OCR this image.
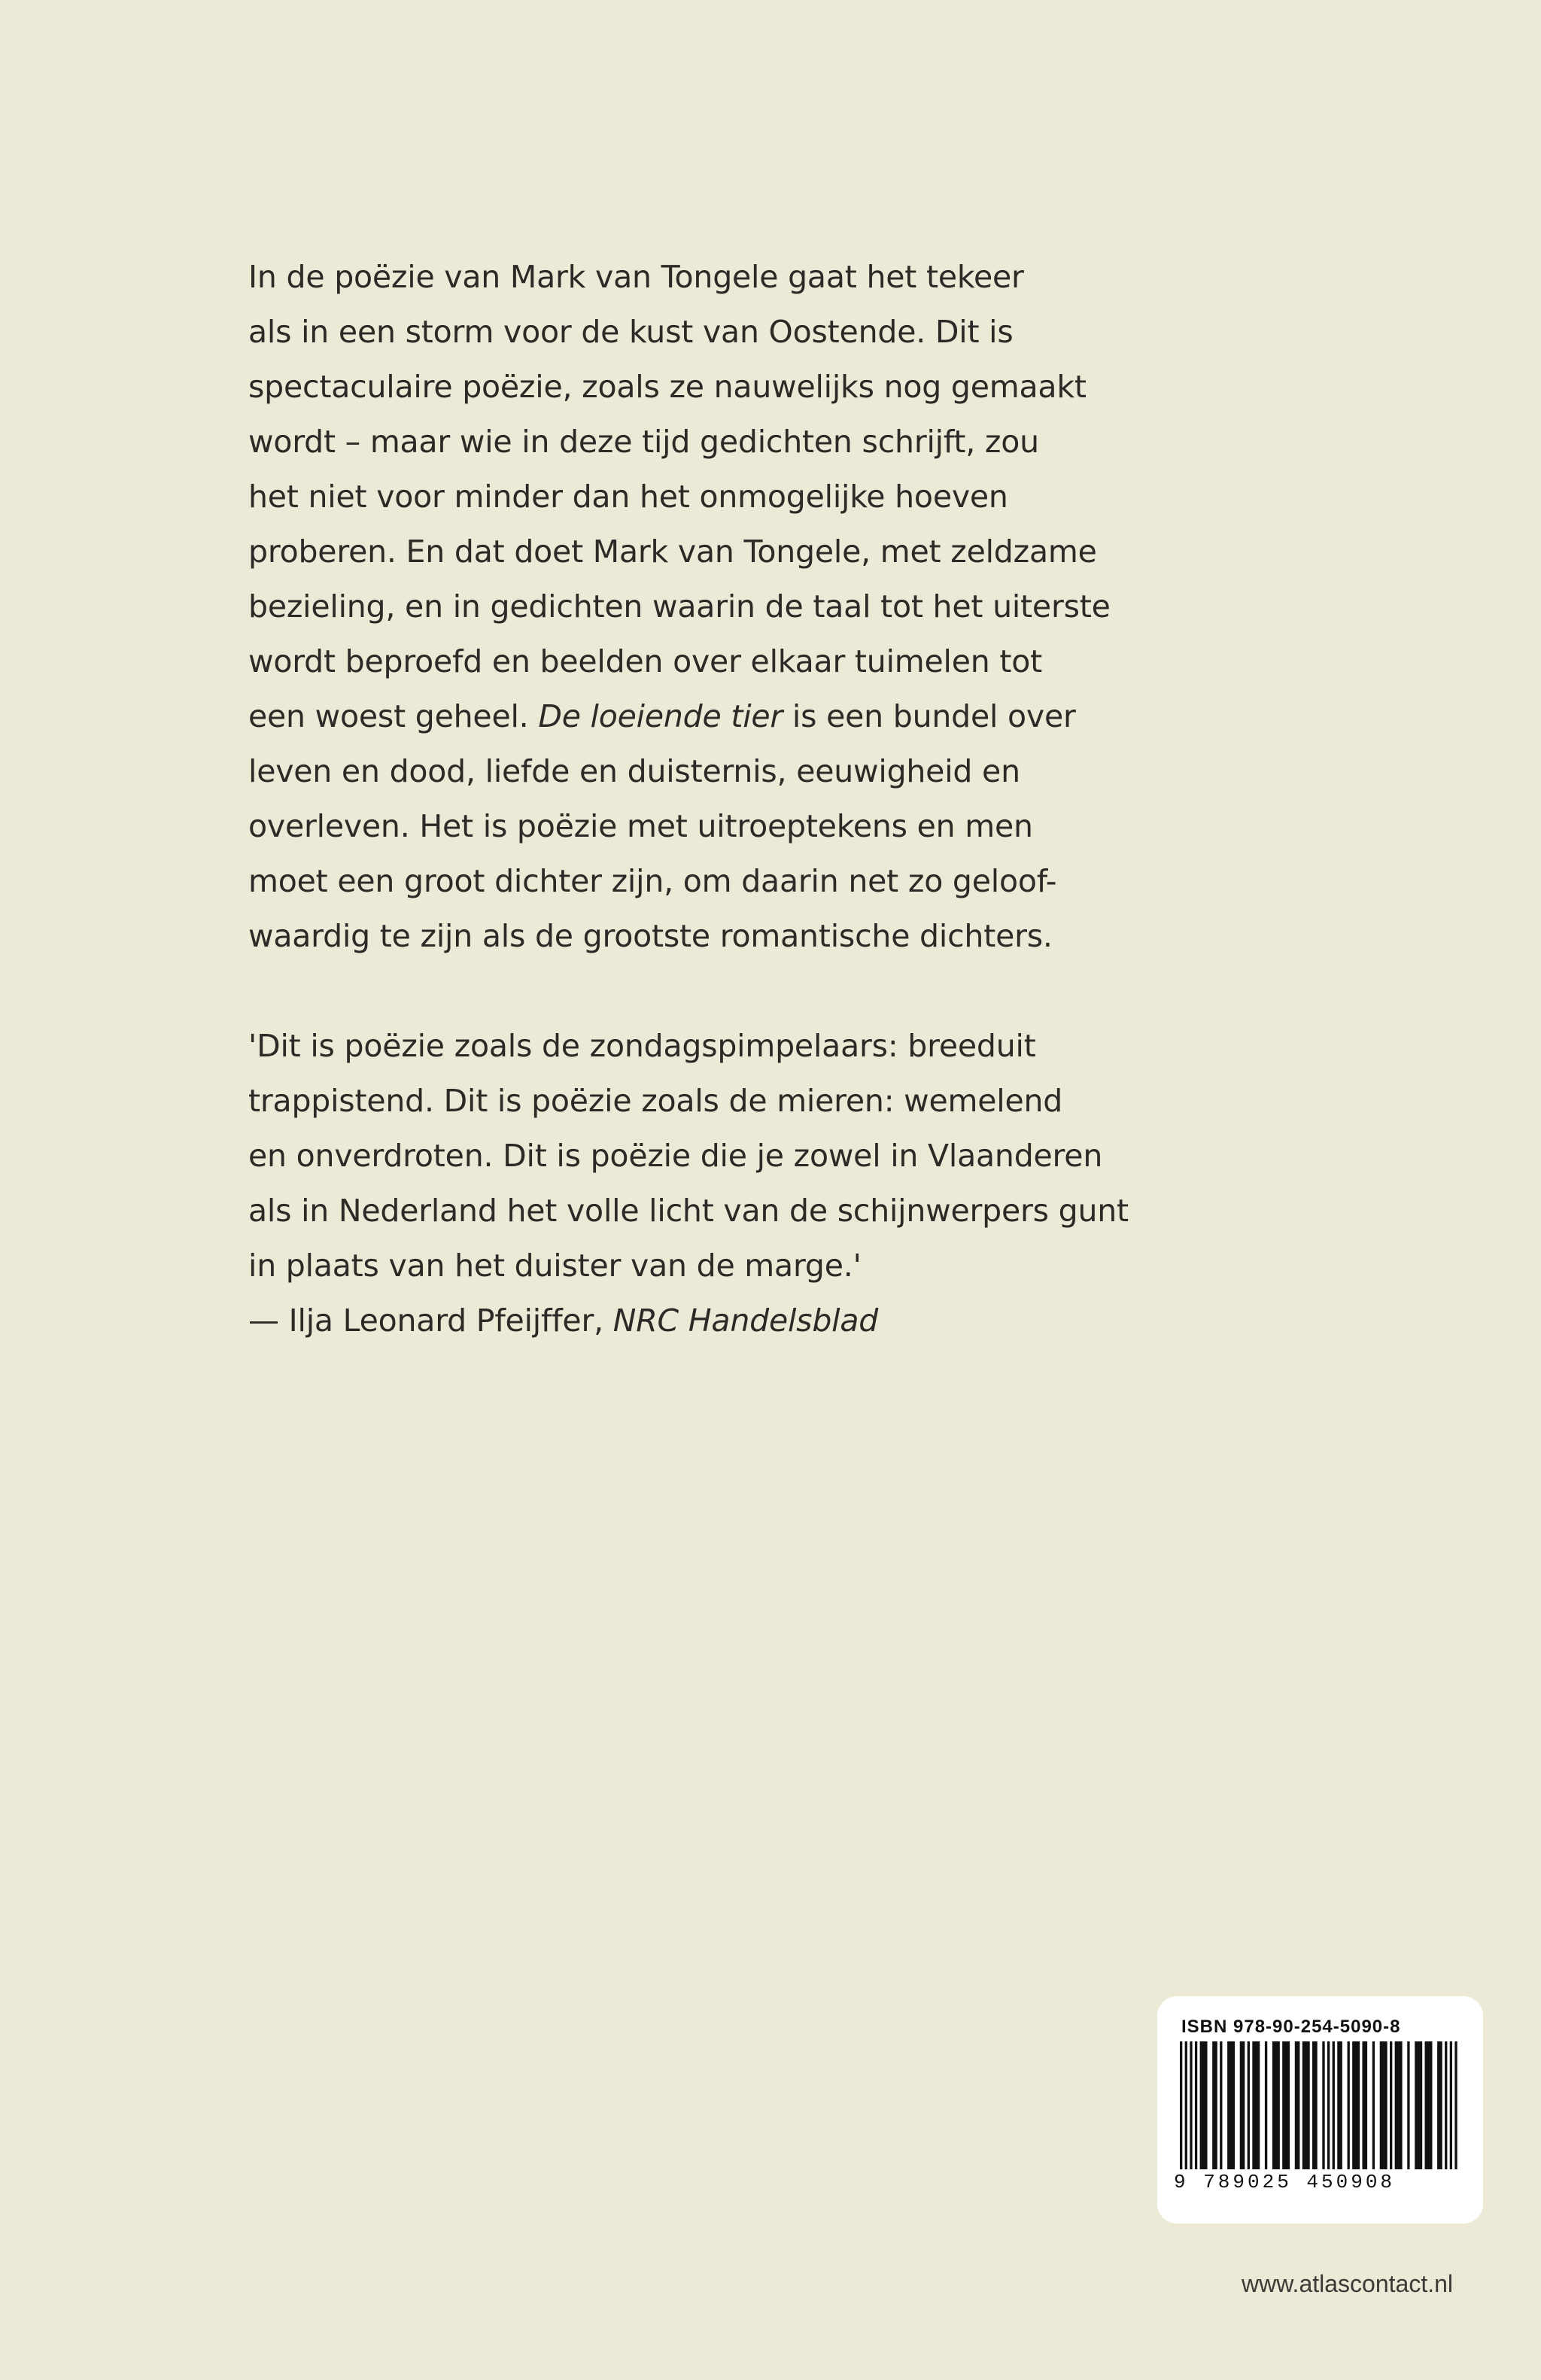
In de poëzie van Mark van Tongele gaat het tekeer
als in een storm voor de kust van Oostende. Dit is
spectaculaire poëzie, zoals ze nauwelijks nog gemaakt
wordt – maar wie in deze tijd gedichten schrijft, zou
het niet voor minder dan het onmogelijke hoeven
proberen. En dat doet Mark van Tongele, met zeldzame
bezieling, en in gedichten waarin de taal tot het uiterste
wordt beproefd en beelden over elkaar tuimelen tot
een woest geheel. De loeiende tier is een bundel over
leven en dood, liefde en duisternis, eeuwigheid en
overleven. Het is poëzie met uitroeptekens en men
moet een groot dichter zijn, om daarin net zo geloof-
waardig te zijn als de grootste romantische dichters.

'Dit is poëzie zoals de zondagspimpelaars: breeduit
trappistend. Dit is poëzie zoals de mieren: wemelend
en onverdroten. Dit is poëzie die je zowel in Vlaanderen
als in Nederland het volle licht van de schijnwerpers gunt
in plaats van het duister van de marge.'
— Ilja Leonard Pfeijffer, NRC Handelsblad

ISBN 978-90-254-5090-8
9 789025 450908
www.atlascontact.nl
